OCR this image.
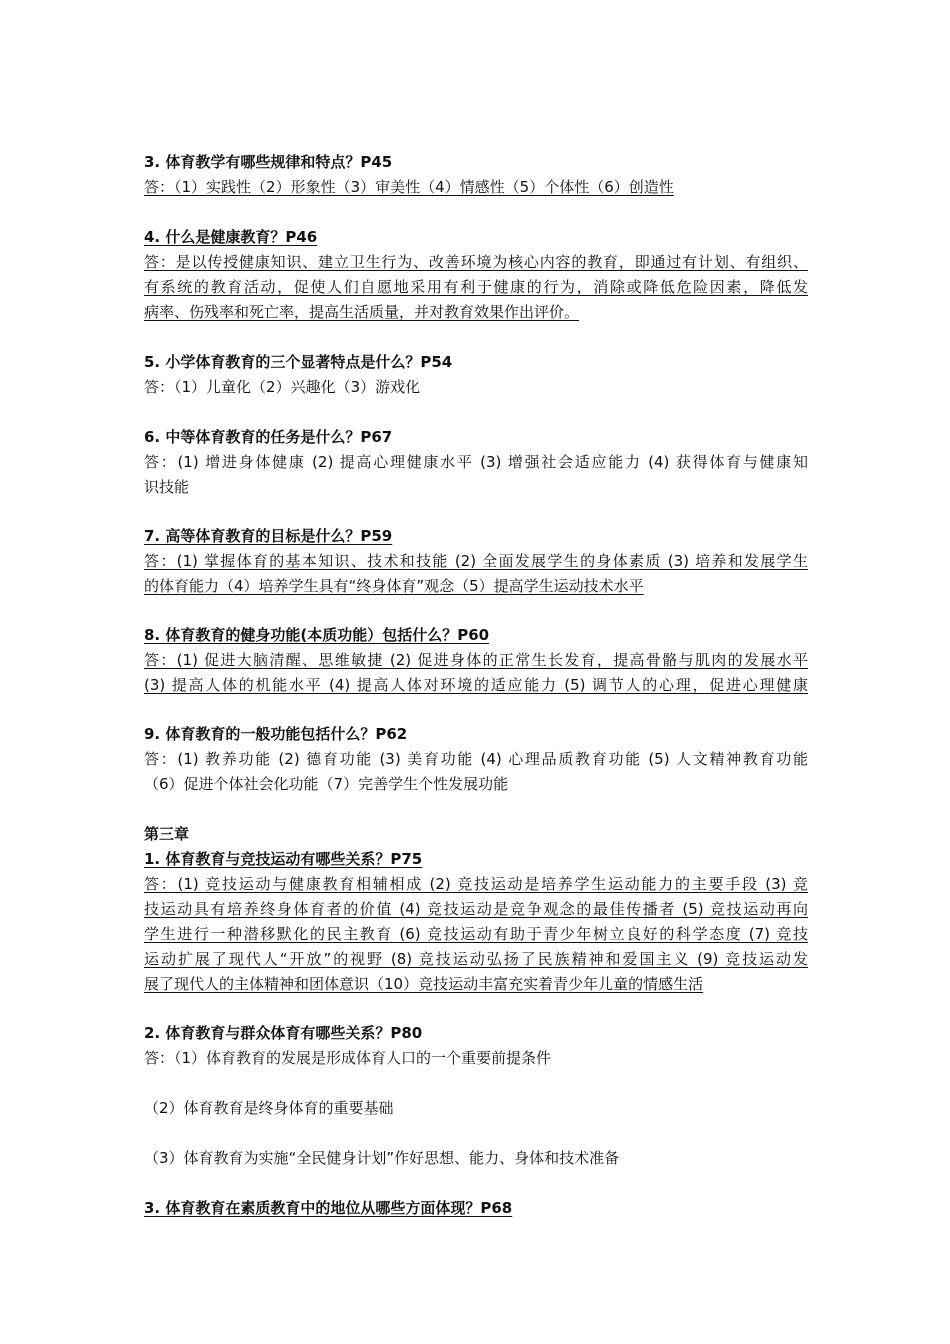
3. 体育教学有哪些规律和特点？P45
答：（1）实践性（2）形象性（3）审美性（4）情感性（5）个体性（6）创造性
4. 什么是健康教育？P46
答：是以传授健康知识、建立卫生行为、改善环境为核心内容的教育，即通过有计划、有组织、
有系统的教育活动，促使人们自愿地采用有利于健康的行为，消除或降低危险因素，降低发
病率、伤残率和死亡率，提高生活质量，并对教育效果作出评价。
5. 小学体育教育的三个显著特点是什么？P54
答：（1）儿童化（2）兴趣化（3）游戏化
6. 中等体育教育的任务是什么？P67
答：(1) 增进身体健康 (2) 提高心理健康水平 (3) 增强社会适应能力 (4) 获得体育与健康知
识技能
7. 高等体育教育的目标是什么？P59
答：(1) 掌握体育的基本知识、技术和技能 (2) 全面发展学生的身体素质 (3) 培养和发展学生
的体育能力（4）培养学生具有“终身体育”观念（5）提高学生运动技术水平
8. 体育教育的健身功能(本质功能）包括什么？P60
答：(1) 促进大脑清醒、思维敏捷 (2) 促进身体的正常生长发育，提高骨骼与肌肉的发展水平
(3) 提高人体的机能水平 (4) 提高人体对环境的适应能力 (5) 调节人的心理，促进心理健康
9. 体育教育的一般功能包括什么？P62
答：(1) 教养功能 (2) 德育功能 (3) 美育功能 (4) 心理品质教育功能 (5) 人文精神教育功能
（6）促进个体社会化功能（7）完善学生个性发展功能
第三章
1. 体育教育与竞技运动有哪些关系？P75
答：(1) 竞技运动与健康教育相辅相成 (2) 竞技运动是培养学生运动能力的主要手段 (3) 竞
技运动具有培养终身体育者的价值 (4) 竞技运动是竞争观念的最佳传播者 (5) 竞技运动再向
学生进行一种潜移默化的民主教育 (6) 竞技运动有助于青少年树立良好的科学态度 (7) 竞技
运动扩展了现代人“开放”的视野 (8) 竞技运动弘扬了民族精神和爱国主义 (9) 竞技运动发
展了现代人的主体精神和团体意识（10）竞技运动丰富充实着青少年儿童的情感生活
2. 体育教育与群众体育有哪些关系？P80
答：（1）体育教育的发展是形成体育人口的一个重要前提条件
（2）体育教育是终身体育的重要基础
（3）体育教育为实施“全民健身计划”作好思想、能力、身体和技术准备
3. 体育教育在素质教育中的地位从哪些方面体现？P68
